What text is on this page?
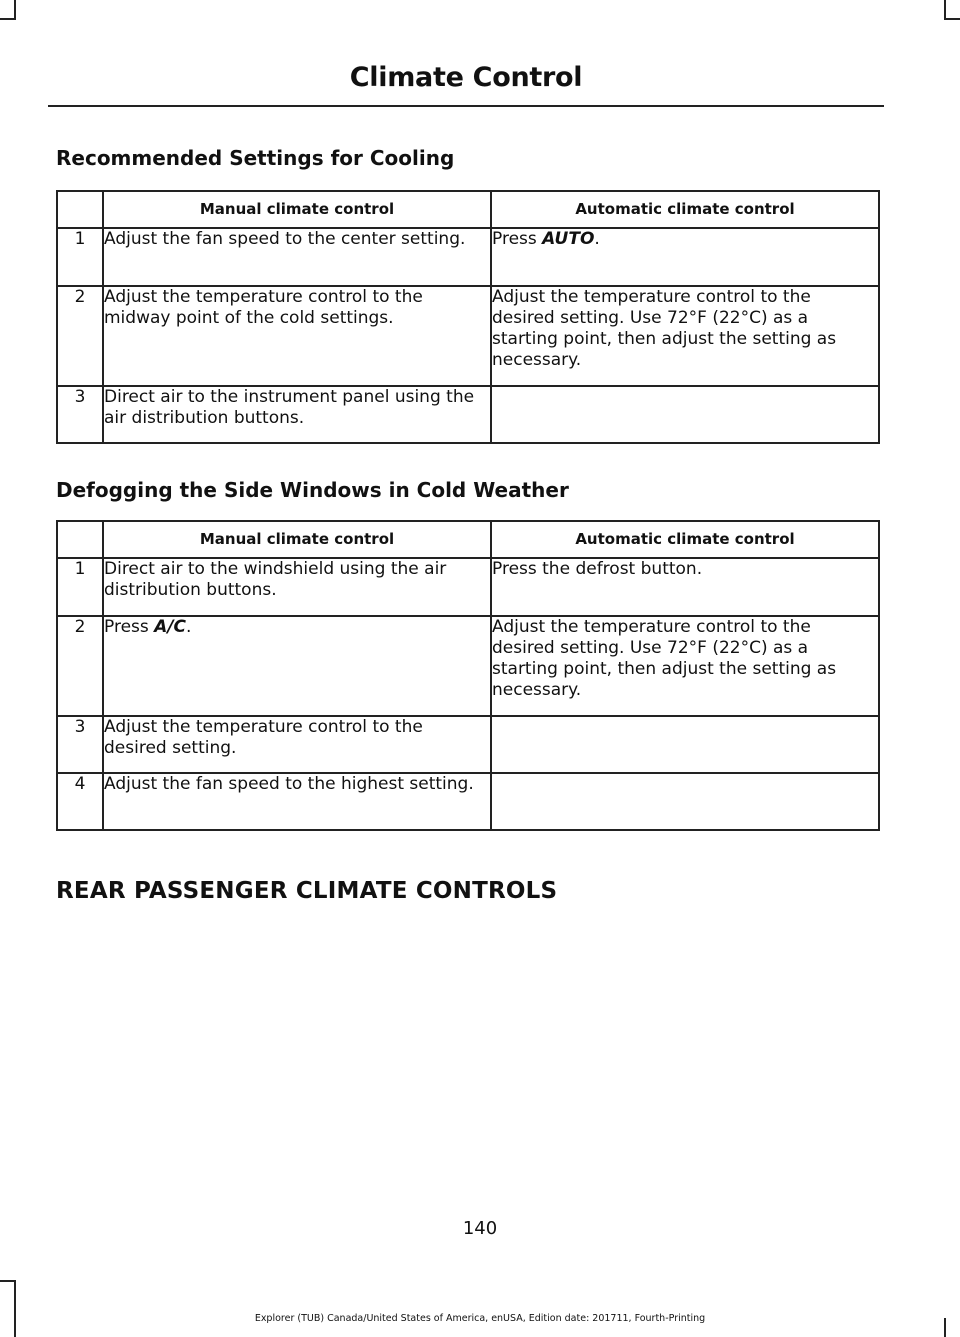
Climate Control
Recommended Settings for Cooling
	Manual climate control	Automatic climate control
1	Adjust the fan speed to the center setting.	Press AUTO.
2	Adjust the temperature control to the midway point of the cold settings.	Adjust the temperature control to the desired setting. Use 72°F (22°C) as a starting point, then adjust the setting as necessary.
3	Direct air to the instrument panel using the air distribution buttons.	
Defogging the Side Windows in Cold Weather
	Manual climate control	Automatic climate control
1	Direct air to the windshield using the air distribution buttons.	Press the defrost button.
2	Press A/C.	Adjust the temperature control to the desired setting. Use 72°F (22°C) as a starting point, then adjust the setting as necessary.
3	Adjust the temperature control to the desired setting.	
4	Adjust the fan speed to the highest setting.	
REAR PASSENGER CLIMATE CONTROLS
140
Explorer (TUB) Canada/United States of America, enUSA, Edition date: 201711, Fourth-Printing
